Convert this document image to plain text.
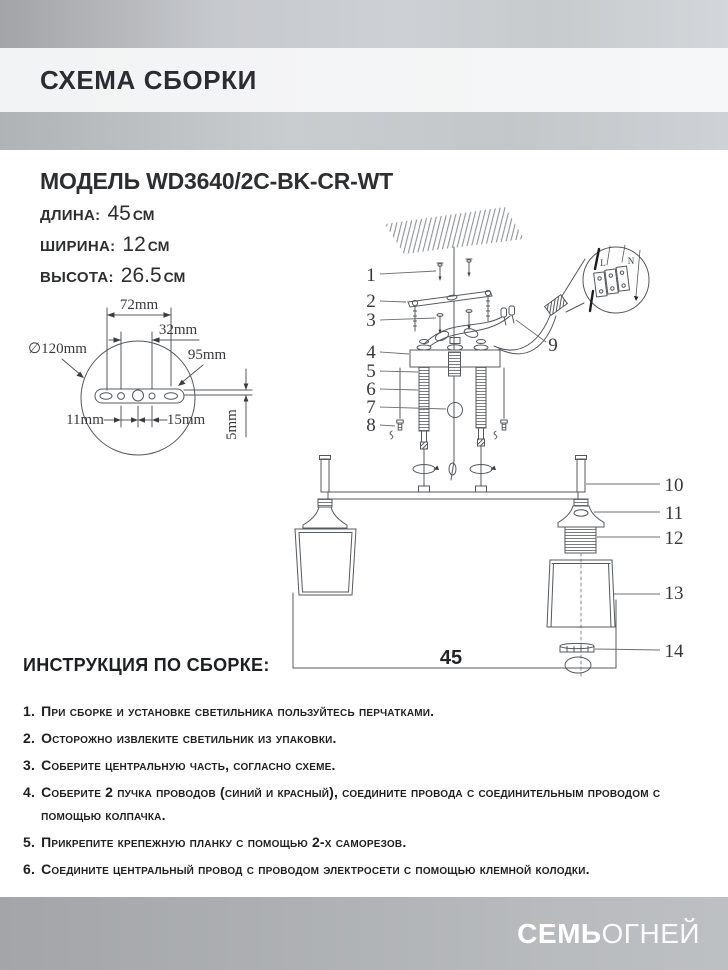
СХЕМА СБОРКИ
МОДЕЛЬ WD3640/2C-BK-CR-WT
ДЛИНА: 45 СМ
ШИРИНА: 12 СМ
ВЫСОТА: 26.5 СМ
72mm
32mm
∅120mm	95mm
11mm	15mm 5mm
1
2
3
4
5
6
7
8
9
10
11
12
13
14
L N
45
ИНСТРУКЦИЯ ПО СБОРКЕ:
1. При сборке и установке светильника пользуйтесь перчатками.
2. Осторожно извлеките светильник из упаковки.
3. Соберите центральную часть, согласно схеме.
4. Соберите 2 пучка проводов (синий и красный), соедините провода с соединительным проводом с помощью колпачка.
5. Прикрепите крепежную планку с помощью 2-х саморезов.
6. Соедините центральный провод с проводом электросети с помощью клемной колодки.
СЕМЬОГНЕЙ
